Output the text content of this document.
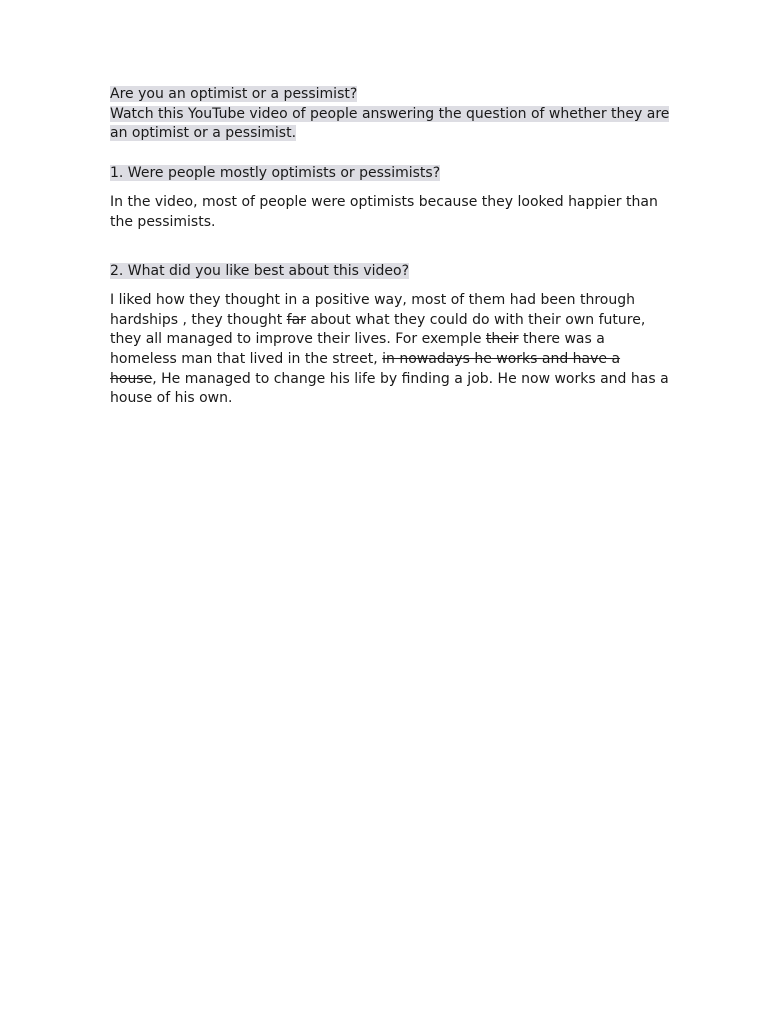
Are you an optimist or a pessimist?
Watch this YouTube video of people answering the question of whether they are an optimist or a pessimist.
1. Were people mostly optimists or pessimists?
In the video, most of people were optimists because they looked happier than the pessimists.
2. What did you like best about this video?
I liked how they thought in a positive way, most of them had been through hardships , they thought far about what they could do with their own future, they all managed to improve their lives. For exemple their there was a homeless man that lived in the street, in nowadays he works and have a house, He managed to change his life by finding a job. He now works and has a house of his own.
